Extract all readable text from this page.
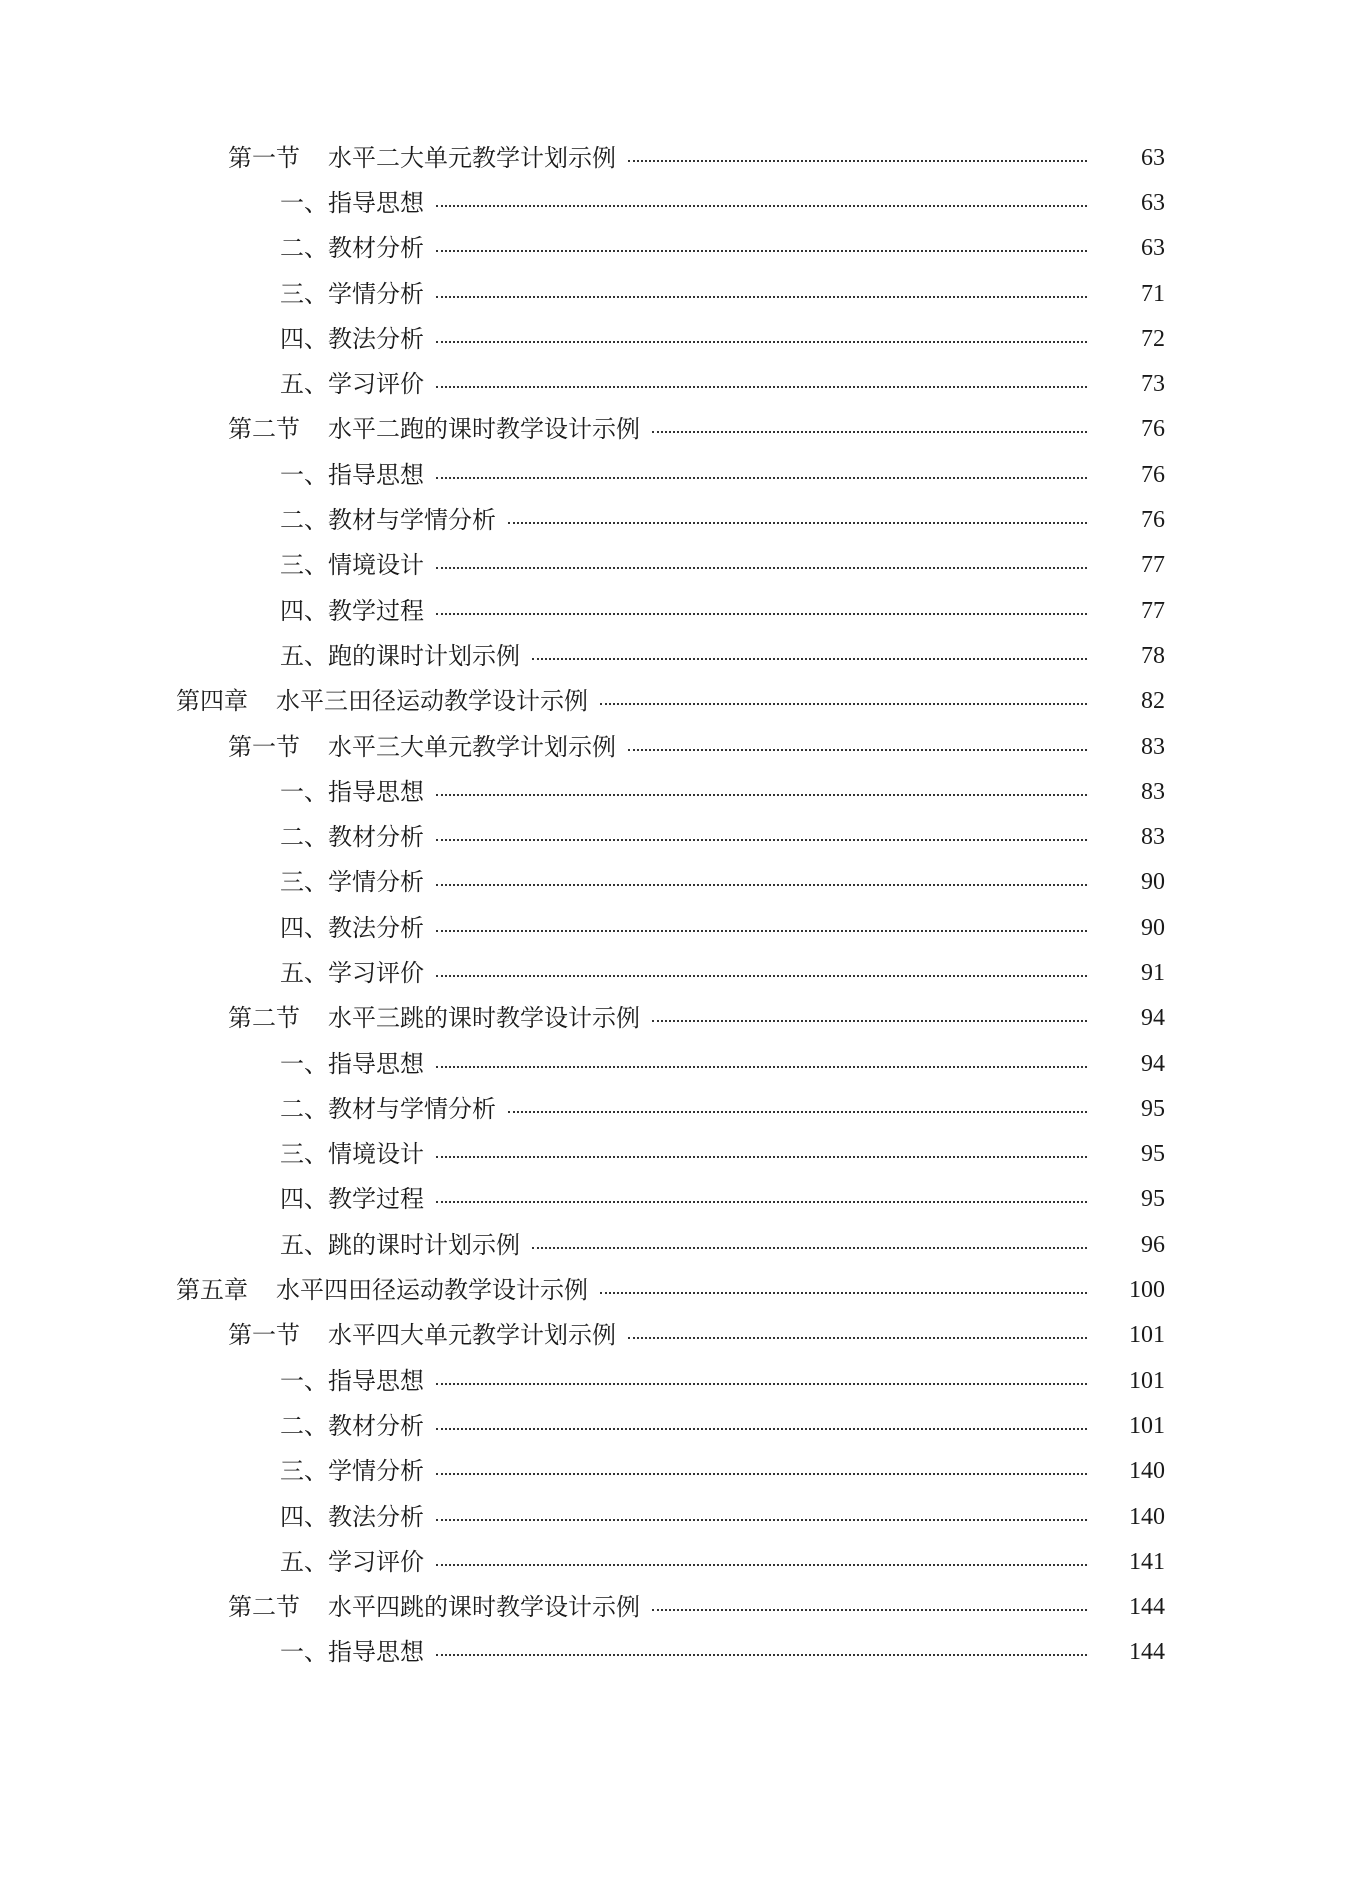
第一节 水平二大单元教学计划示例	63
一、指导思想	63
二、教材分析	63
三、学情分析	71
四、教法分析	72
五、学习评价	73
第二节 水平二跑的课时教学设计示例	76
一、指导思想	76
二、教材与学情分析	76
三、情境设计	77
四、教学过程	77
五、跑的课时计划示例	78
第四章 水平三田径运动教学设计示例	82
第一节 水平三大单元教学计划示例	83
一、指导思想	83
二、教材分析	83
三、学情分析	90
四、教法分析	90
五、学习评价	91
第二节 水平三跳的课时教学设计示例	94
一、指导思想	94
二、教材与学情分析	95
三、情境设计	95
四、教学过程	95
五、跳的课时计划示例	96
第五章 水平四田径运动教学设计示例	100
第一节 水平四大单元教学计划示例	101
一、指导思想	101
二、教材分析	101
三、学情分析	140
四、教法分析	140
五、学习评价	141
第二节 水平四跳的课时教学设计示例	144
一、指导思想	144
